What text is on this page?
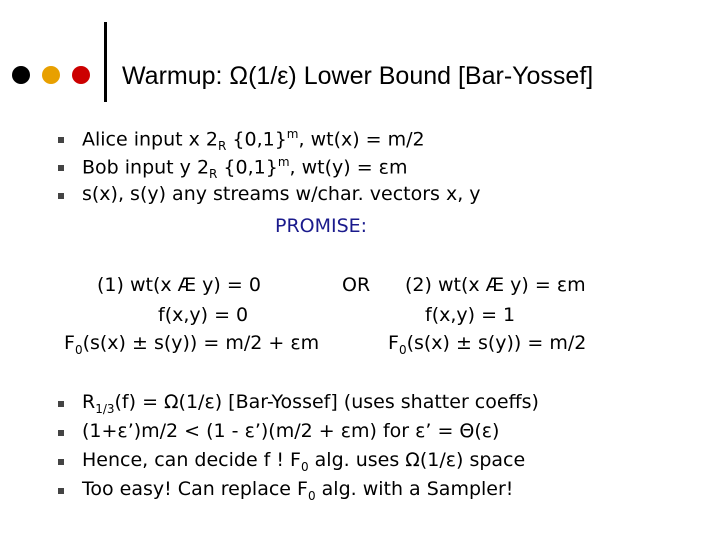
Warmup: Ω(1/ε) Lower Bound [Bar-Yossef]
Alice input x $2_R$ $\{0,1\}^m$, wt(x) = m/2
Bob input y $2_R$ $\{0,1\}^m$, wt(y) = εm
s(x), s(y) any streams w/char. vectors x, y
PROMISE:
(1) wt(x Æ y) = 0	OR (2) wt(x Æ y) = εm
f(x,y) = 0	f(x,y) = 1
$F_0(s(x) \pm s(y)) = m/2 + \varepsilon m$	$F_0(s(x) \pm s(y)) = m/2$
$R_{1/3}(f) = \Omega(1/\varepsilon)$ [Bar-Yossef] (uses shatter coeffs)
(1+ε’)m/2 < (1 - ε’)(m/2 + εm) for ε’ = Θ(ε)
Hence, can decide f ! $F_0$ alg. uses Ω(1/ε) space
Too easy! Can replace $F_0$ alg. with a Sampler!
